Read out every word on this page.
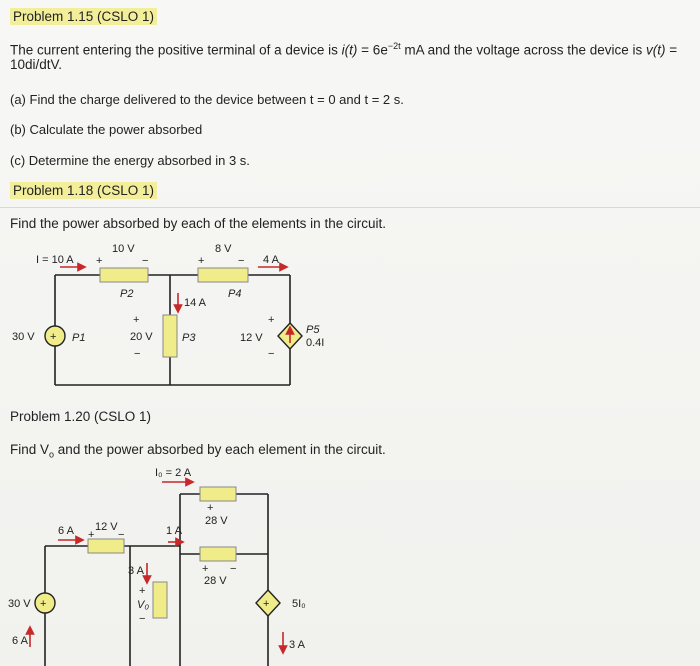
Problem 1.15 (CSLO 1)
The current entering the positive terminal of a device is $i(t) = 6e^{-2t}$ mA and the voltage across the device is v(t) =
10di/dtV.
(a) Find the charge delivered to the device between t = 0 and t = 2 s.
(b) Calculate the power absorbed
(c) Determine the energy absorbed in 3 s.
Problem 1.18 (CSLO 1)
Find the power absorbed by each of the elements in the circuit.
+
I = 10 A
10 V
+	−
8 V
+	− 4 A
P2	P4
14 A
30 V	P1
+
20 V
−
P3
+
12 V
−
P5
0.4I
Problem 1.20 (CSLO 1)
Find $V_o$ and the power absorbed by each element in the circuit.
+	+
I₀ = 2 A
+
28 V
6 A 12 V
+ −	1 A
+
28 V
−
3 A
+
V₀
−
30 V	5I₀
6 A	3 A
